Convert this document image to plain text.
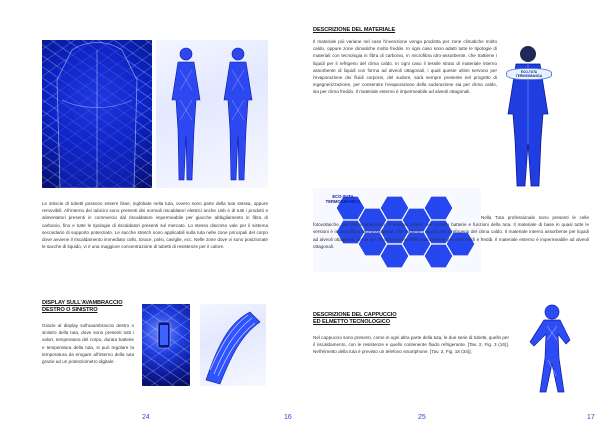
Le striscie di tubetti possono essere fisse, inglobate nella tuta, ovvero sono parte della tuta stessa, oppure removibili. All'interno dei tubicini sono presenti dei normali riscaldatori elettrici anche Usb e di tutti i prodotti e alimentatori presenti in commercio dal riscaldatore impermeabile per giacche abbigliamento in fibra di carbonio, fino e tutte le tipologie di riscaldatori presenti sul mercato. Lo stesso discorso vale per il sistema secondario di supporto potenziato. Le sacche stretch sono applicabili sulla tuta nelle zone principali del corpo dove avviene il riscaldamento immediato collo, torace, polsi, caviglie, ecc. Nelle zone dove vi sono posizionate le sacche di liquido, vi è una maggiore concentrazione di tubetti di resistenze per il calore.

DISPLAY SULL'AVAMBRACCIO
DESTRO O SINISTRO

Grazie al display sull'avambraccio destro o sinistro della tuta, dove sono presenti tutti i valori, temperatura del corpo, durata batterie e temperatura della tuta, si può regolare la temperatura da erogare all'interno della tuta grazie ad un potenziometro digitale.

24	16
DESCRIZIONE DEL MATERIALE

Il materiale più variane nel caso l'invenzione venga prodotta per zone climatiche molto caldo, oppure zone climatiche molto fredde. In ogni caso sono adatti tutte le tipologie di materiali con tecnologia in fibra di carbonio, in microfibra idro-assorbente, che trattiene i liquidi per il refrigerio del clima caldo. In ogni caso il tessile strato di materiale interno assorbente di liquidi con forma ad alveoli ottagonali, i quali queste ultimi servono per l'evaporazione dei fluidi corporei, del sudore, sarà sempre presente nel progetto di ingegnerizzazione, per consentire l'evaporazione della sudorazione sia per clima caldo, sia per clima freddo. Il materiale esterno è impermeabile ad alveoli ottagonali.

ECO-TUTA TERMOSMANICA
ECO-TUTA
TERMOSMANICA

Nella Tuta professionale sono presenti le celle fotovoltaiche, per l'incamenamento di energia solare, per ricarica batterie e funzioni della tuta. Il materiale di base in quasi tutte le versioni è in microfibra idro-assorbente, che trattiene i liquidi per il refrigerio del clima caldo. Il materiale interno assorbente per liquidi ad alveoli ottagonali, serve per l'evaporazione della sudorazione per climi caldi e freddi. Il materiale esterno è impermeabile ad alveoli ottagonali.

DESCRIZIONE DEL CAPPUCCIO
ED ELMETTO TECNOLOGICO

Nel cappuccio sono presenti, come in ogni altra parte della tuta, le due serie di tubetti, quello per il riscaldamento, con le resistenze e quello contenente fluido refrigerante. [Tav. 2, Fig. 3 (16)]. Nell'elmetto della tuta è previsto un telefono smartphone. [Tav. 2, Fig. 18 (34)].

25	17
